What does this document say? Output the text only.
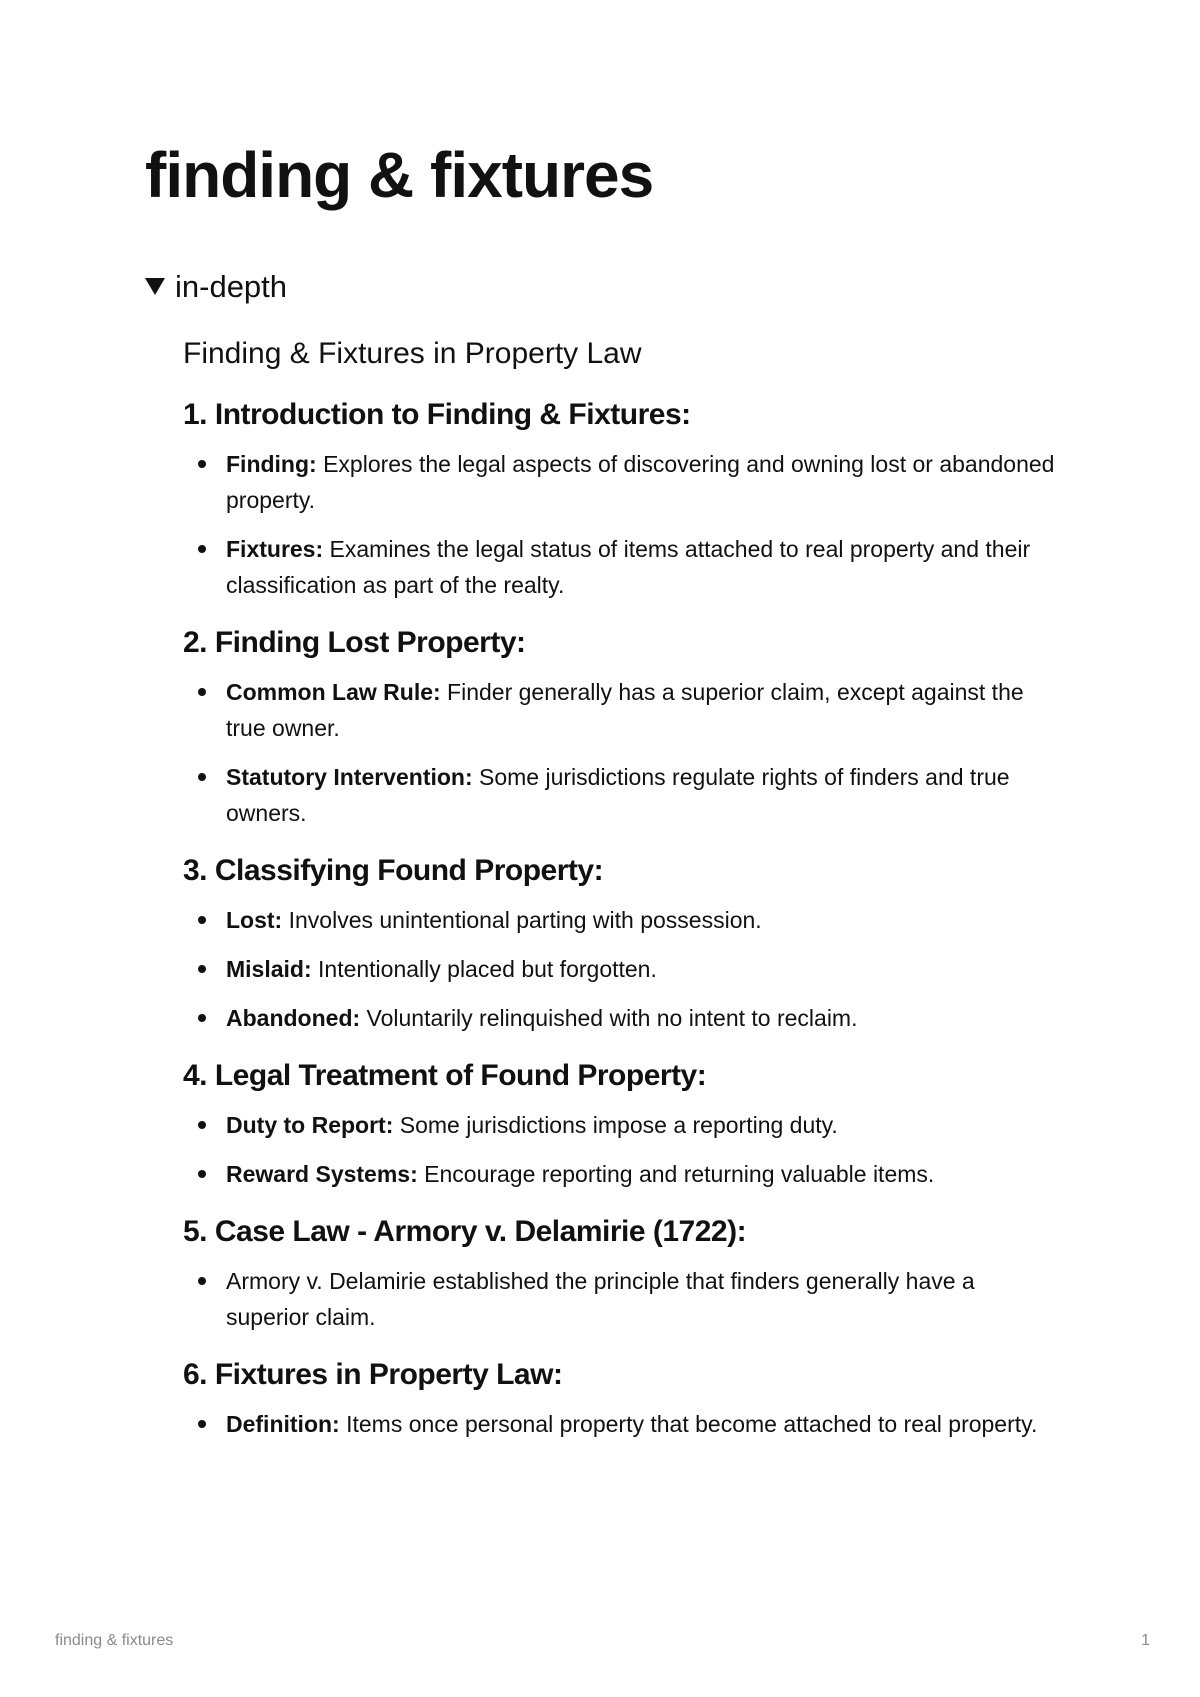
finding & fixtures
in-depth

Finding & Fixtures in Property Law

1. Introduction to Finding & Fixtures:
Finding: Explores the legal aspects of discovering and owning lost or abandoned property.
Fixtures: Examines the legal status of items attached to real property and their classification as part of the realty.
2. Finding Lost Property:
Common Law Rule: Finder generally has a superior claim, except against the true owner.
Statutory Intervention: Some jurisdictions regulate rights of finders and true owners.
3. Classifying Found Property:
Lost: Involves unintentional parting with possession.
Mislaid: Intentionally placed but forgotten.
Abandoned: Voluntarily relinquished with no intent to reclaim.
4. Legal Treatment of Found Property:
Duty to Report: Some jurisdictions impose a reporting duty.
Reward Systems: Encourage reporting and returning valuable items.
5. Case Law - Armory v. Delamirie (1722):
Armory v. Delamirie established the principle that finders generally have a superior claim.
6. Fixtures in Property Law:
Definition: Items once personal property that become attached to real property.
finding & fixtures	1
